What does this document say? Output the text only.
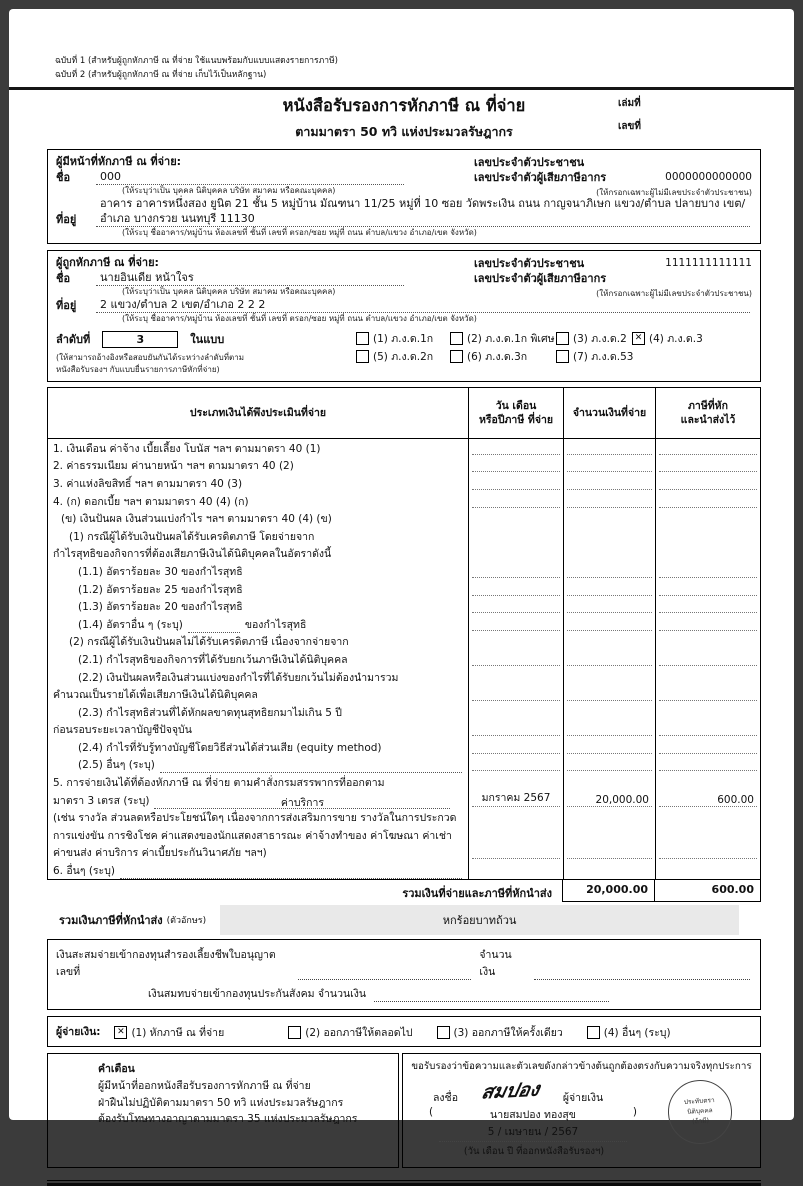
ฉบับที่ 1 (สำหรับผู้ถูกหักภาษี ณ ที่จ่าย ใช้แนบพร้อมกับแบบแสดงรายการภาษี)
ฉบับที่ 2 (สำหรับผู้ถูกหักภาษี ณ ที่จ่าย เก็บไว้เป็นหลักฐาน)
หนังสือรับรองการหักภาษี ณ ที่จ่าย
ตามมาตรา 50 ทวิ แห่งประมวลรัษฎากร
เล่มที่
เลขที่
เลขประจำตัวประชาชน
เลขประจำตัวผู้เสียภาษีอากร	0000000000000
(ให้กรอกเฉพาะผู้ไม่มีเลขประจำตัวประชาชน)
ผู้มีหน้าที่หักภาษี ณ ที่จ่าย:
ชื่อ	000
(ให้ระบุว่าเป็น บุคคล นิติบุคคล บริษัท สมาคม หรือคณะบุคคล)
ที่อยู่
อาคาร อาคารหนึ่งสอง ยูนิต 21 ชั้น 5 หมู่บ้าน มัณฑนา 11/25 หมู่ที่ 10 ซอย วัดพระเงิน ถนน กาญจนาภิเษก แขวง/ตำบล ปลายบาง เขต/อำเภอ บางกรวย นนทบุรี 11130
(ให้ระบุ ชื่ออาคาร/หมู่บ้าน ห้องเลขที่ ชั้นที่ เลขที่ ตรอก/ซอย หมู่ที่ ถนน ตำบล/แขวง อำเภอ/เขต จังหวัด)
เลขประจำตัวประชาชน	1111111111111
เลขประจำตัวผู้เสียภาษีอากร
(ให้กรอกเฉพาะผู้ไม่มีเลขประจำตัวประชาชน)
ผู้ถูกหักภาษี ณ ที่จ่าย:
ชื่อ	นายอินเดีย หน้าใจร
(ให้ระบุว่าเป็น บุคคล นิติบุคคล บริษัท สมาคม หรือคณะบุคคล)
ที่อยู่	2 แขวง/ตำบล 2 เขต/อำเภอ 2 2 2
(ให้ระบุ ชื่ออาคาร/หมู่บ้าน ห้องเลขที่ ชั้นที่ เลขที่ ตรอก/ซอย หมู่ที่ ถนน ตำบล/แขวง อำเภอ/เขต จังหวัด)
ลำดับที่	3	ในแบบ	(1) ภ.ง.ด.1ก	(2) ภ.ง.ด.1ก พิเศษ (3) ภ.ง.ด.2 ✕ (4) ภ.ง.ด.3
(ให้สามารถอ้างอิงหรือสอบยันกันได้ระหว่างลำดับที่ตาม
หนังสือรับรองฯ กับแบบยื่นรายการภาษีหักที่จ่าย)
(5) ภ.ง.ด.2ก	(6) ภ.ง.ด.3ก	(7) ภ.ง.ด.53
ประเภทเงินได้พึงประเมินที่จ่าย
วัน เดือน
หรือปีภาษี ที่จ่าย
จำนวนเงินที่จ่าย
ภาษีที่หัก
และนำส่งไว้
1. เงินเดือน ค่าจ้าง เบี้ยเลี้ยง โบนัส ฯลฯ ตามมาตรา 40 (1)
2. ค่าธรรมเนียม ค่านายหน้า ฯลฯ ตามมาตรา 40 (2)
3. ค่าแห่งลิขสิทธิ์ ฯลฯ ตามมาตรา 40 (3)
4. (ก) ดอกเบี้ย ฯลฯ ตามมาตรา 40 (4) (ก)
(ข) เงินปันผล เงินส่วนแบ่งกำไร ฯลฯ ตามมาตรา 40 (4) (ข)
(1) กรณีผู้ได้รับเงินปันผลได้รับเครดิตภาษี โดยจ่ายจาก
กำไรสุทธิของกิจการที่ต้องเสียภาษีเงินได้นิติบุคคลในอัตราดังนี้
(1.1) อัตราร้อยละ 30 ของกำไรสุทธิ
(1.2) อัตราร้อยละ 25 ของกำไรสุทธิ
(1.3) อัตราร้อยละ 20 ของกำไรสุทธิ
(1.4) อัตราอื่น ๆ (ระบุ)	ของกำไรสุทธิ
(2) กรณีผู้ได้รับเงินปันผลไม่ได้รับเครดิตภาษี เนื่องจากจ่ายจาก
(2.1) กำไรสุทธิของกิจการที่ได้รับยกเว้นภาษีเงินได้นิติบุคคล
(2.2) เงินปันผลหรือเงินส่วนแบ่งของกำไรที่ได้รับยกเว้นไม่ต้องนำมารวม
คำนวณเป็นรายได้เพื่อเสียภาษีเงินได้นิติบุคคล
(2.3) กำไรสุทธิส่วนที่ได้หักผลขาดทุนสุทธิยกมาไม่เกิน 5 ปี
ก่อนรอบระยะเวลาบัญชีปัจจุบัน
(2.4) กำไรที่รับรู้ทางบัญชีโดยวิธีส่วนได้ส่วนเสีย (equity method)
(2.5) อื่นๆ (ระบุ)
5. การจ่ายเงินได้ที่ต้องหักภาษี ณ ที่จ่าย ตามคำสั่งกรมสรรพากรที่ออกตาม
มาตรา 3 เตรส (ระบุ)	ค่าบริการ	มกราคม 2567	20,000.00	600.00
(เช่น รางวัล ส่วนลดหรือประโยชน์ใดๆ เนื่องจากการส่งเสริมการขาย รางวัลในการประกวด
การแข่งขัน การชิงโชค ค่าแสดงของนักแสดงสาธารณะ ค่าจ้างทำของ ค่าโฆษณา ค่าเช่า
ค่าขนส่ง ค่าบริการ ค่าเบี้ยประกันวินาศภัย ฯลฯ)
6. อื่นๆ (ระบุ)
รวมเงินที่จ่ายและภาษีที่หักนำส่ง	20,000.00	600.00
รวมเงินภาษีที่หักนำส่ง (ตัวอักษร)	หกร้อยบาทถ้วน
เงินสะสมจ่ายเข้ากองทุนสำรองเลี้ยงชีพใบอนุญาตเลขที่
จำนวนเงิน
เงินสมทบจ่ายเข้ากองทุนประกันสังคม จำนวนเงิน
ผู้จ่ายเงิน:	✕ (1) หักภาษี ณ ที่จ่าย	(2) ออกภาษีให้ตลอดไป	(3) ออกภาษีให้ครั้งเดียว	(4) อื่นๆ (ระบุ)
คำเตือน
ผู้มีหน้าที่ออกหนังสือรับรองการหักภาษี ณ ที่จ่าย
ฝ่าฝืนไม่ปฏิบัติตามมาตรา 50 ทวิ แห่งประมวลรัษฎากร
ต้องรับโทษทางอาญาตามมาตรา 35 แห่งประมวลรัษฎากร
ขอรับรองว่าข้อความและตัวเลขดังกล่าวข้างต้นถูกต้องตรงกับความจริงทุกประการ
ลงชื่อ	สมปอง	ผู้จ่ายเงิน
(	นายสมปอง ทองสุข	)
5 / เมษายน / 2567
(วัน เดือน ปี ที่ออกหนังสือรับรองฯ)
ประทับตรา
นิติบุคคล
(ถ้ามี)
